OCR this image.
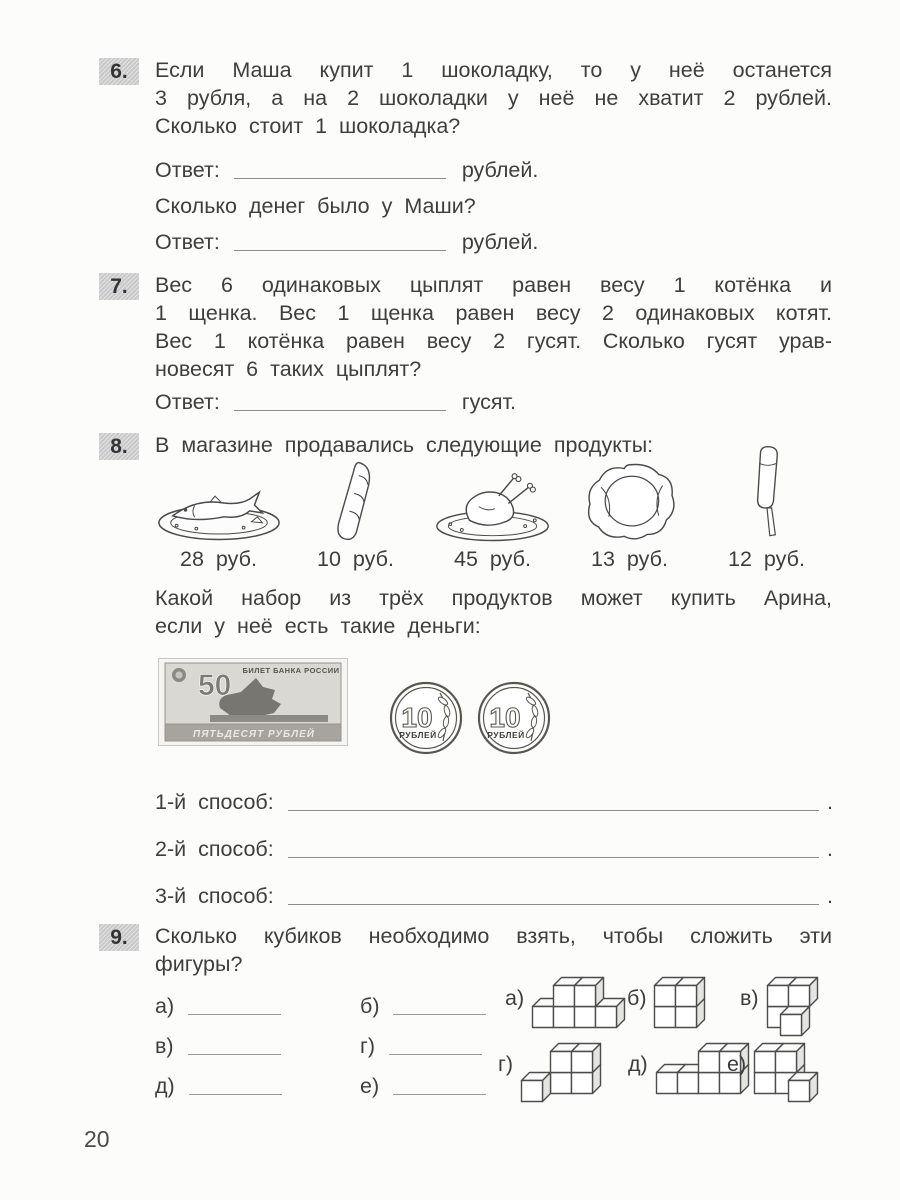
6.	Если Маша купит 1 шоколадку, то у неё останется

3 рубля, а на 2 шоколадки у неё не хватит 2 рублей.

Сколько стоит 1 шоколадка?

Ответ:	рублей.

Сколько денег было у Маши?

Ответ:	рублей.
7.	Вес 6 одинаковых цыплят равен весу 1 котёнка и

1 щенка. Вес 1 щенка равен весу 2 одинаковых котят.

Вес 1 котёнка равен весу 2 гусят. Сколько гусят урав-

новесят 6 таких цыплят?

Ответ:	гусят.
8.	В магазине продавались следующие продукты:

28 руб.	10 руб.	45 руб.	13 руб.	12 руб.

Какой набор из трёх продуктов может купить Арина,

если у неё есть такие деньги:

50 БИЛЕТ БАНКА РОССИИ
ПЯТЬДЕСЯТ РУБЛЕЙ
10
РУБЛЕЙ
10
РУБЛЕЙ
1-й способ:	.
2-й способ:	.
3-й способ:	.
9.	Сколько кубиков необходимо взять, чтобы сложить эти

фигуры?

а)	б)
в)	г)
д)	е)
а)	б)	в)
г)	д)	е)
20
